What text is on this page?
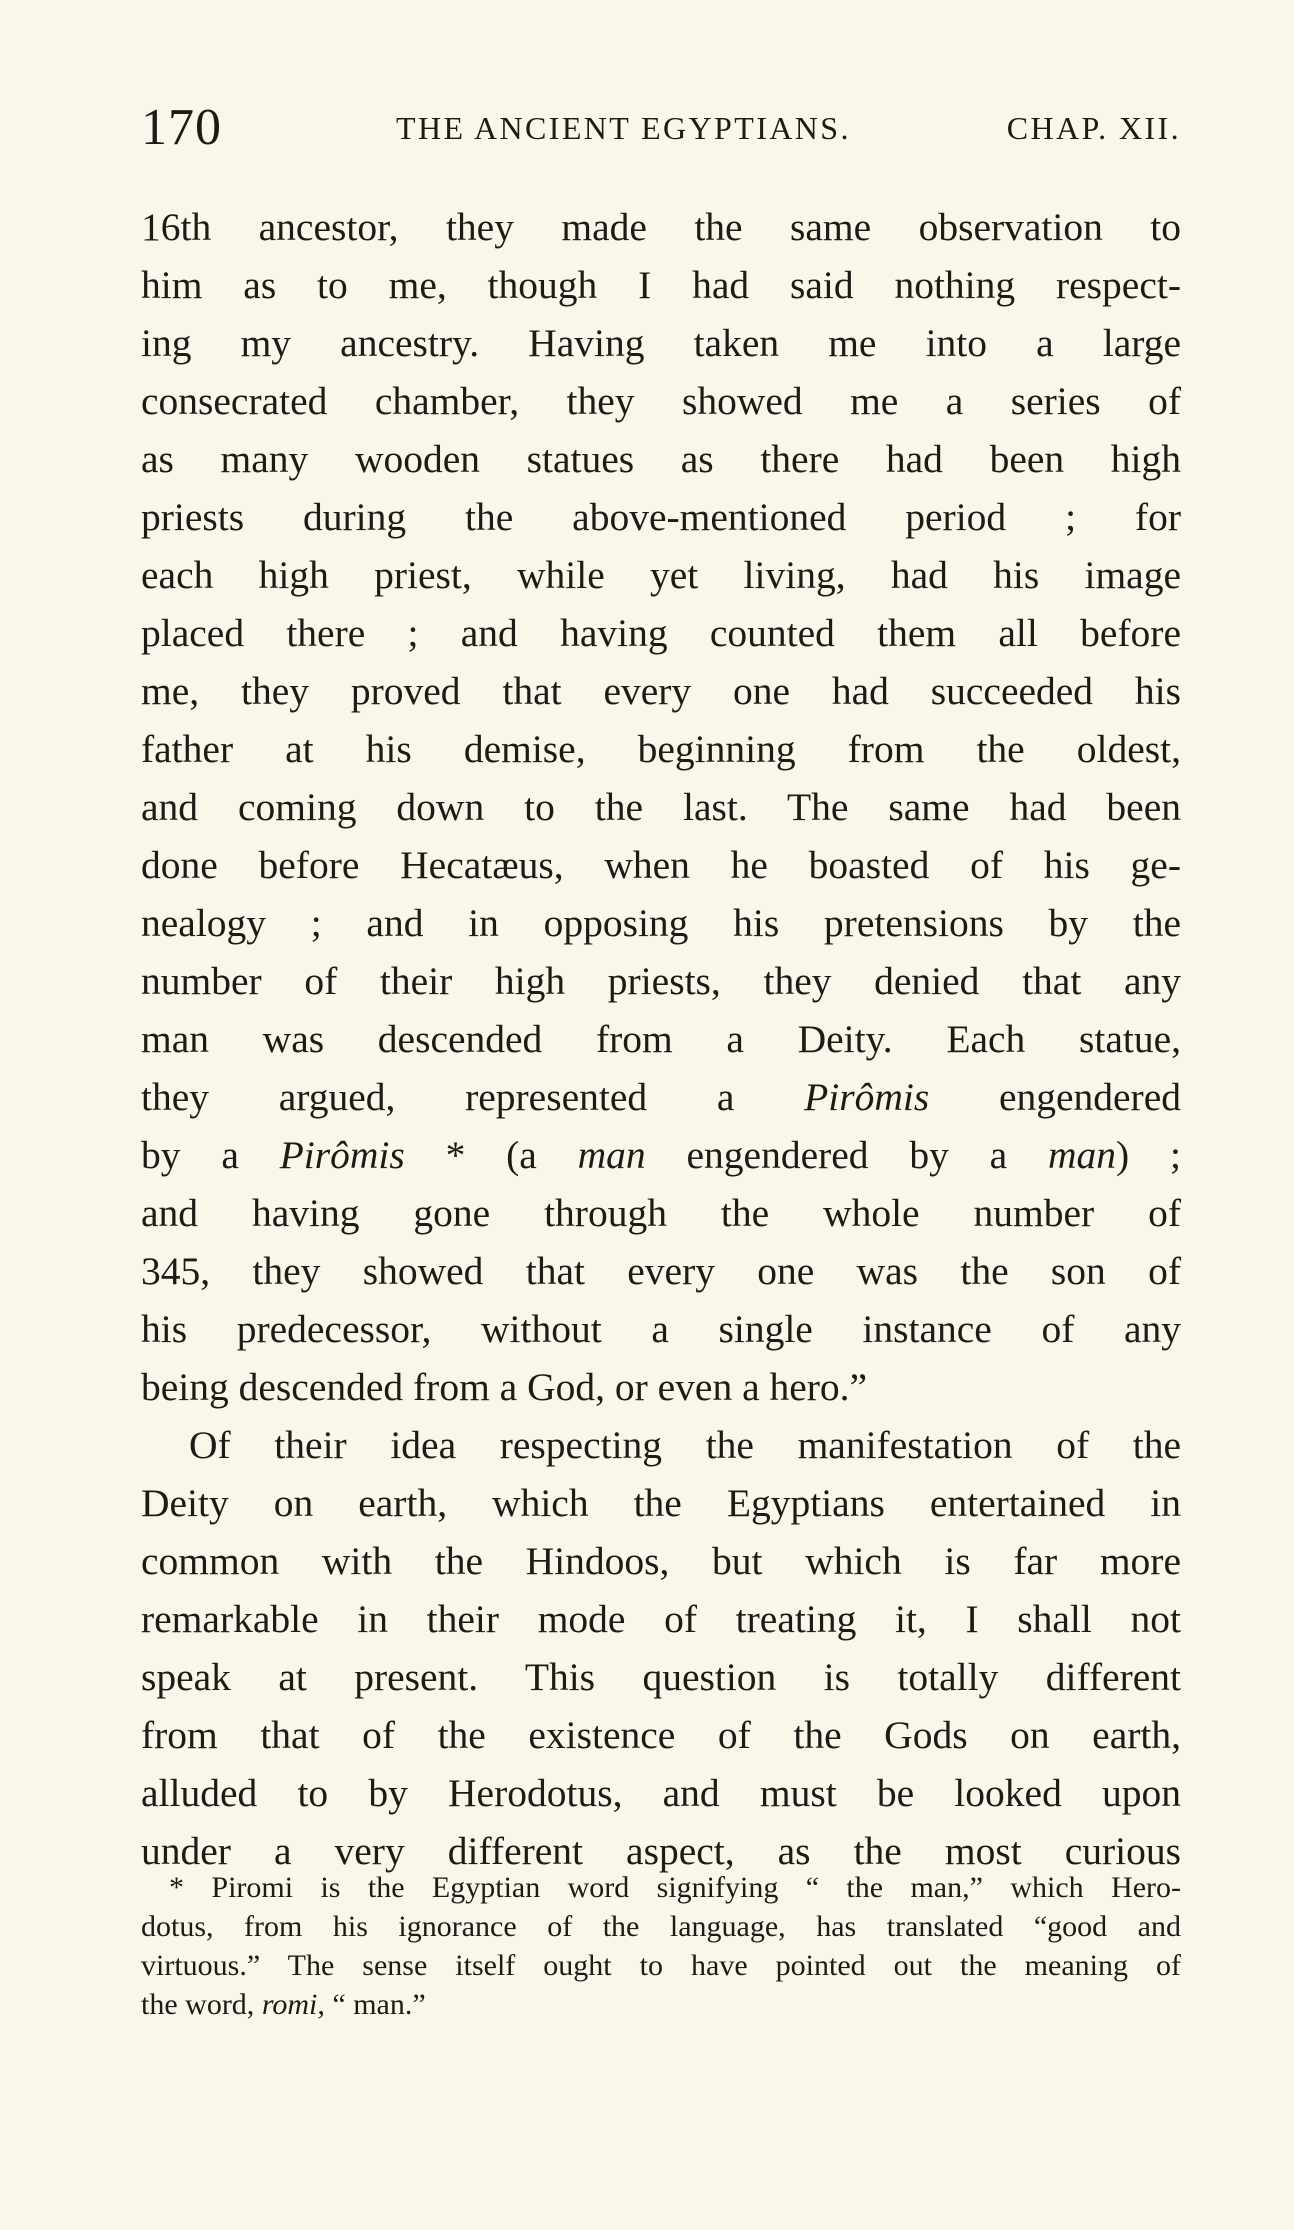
170	THE ANCIENT EGYPTIANS.	CHAP. XII.
16th ancestor, they made the same observation to
him as to me, though I had said nothing respect-
ing my ancestry. Having taken me into a large
consecrated chamber, they showed me a series of
as many wooden statues as there had been high
priests during the above-mentioned period ; for
each high priest, while yet living, had his image
placed there ; and having counted them all before
me, they proved that every one had succeeded his
father at his demise, beginning from the oldest,
and coming down to the last. The same had been
done before Hecatæus, when he boasted of his ge-
nealogy ; and in opposing his pretensions by the
number of their high priests, they denied that any
man was descended from a Deity. Each statue,
they argued, represented a Pirômis engendered
by a Pirômis * (a man engendered by a man) ;
and having gone through the whole number of
345, they showed that every one was the son of
his predecessor, without a single instance of any
being descended from a God, or even a hero.”
Of their idea respecting the manifestation of the
Deity on earth, which the Egyptians entertained in
common with the Hindoos, but which is far more
remarkable in their mode of treating it, I shall not
speak at present. This question is totally different
from that of the existence of the Gods on earth,
alluded to by Herodotus, and must be looked upon
under a very different aspect, as the most curious
* Piromi is the Egyptian word signifying “ the man,” which Hero-
dotus, from his ignorance of the language, has translated “good and
virtuous.” The sense itself ought to have pointed out the meaning of
the word, romi, “ man.”
